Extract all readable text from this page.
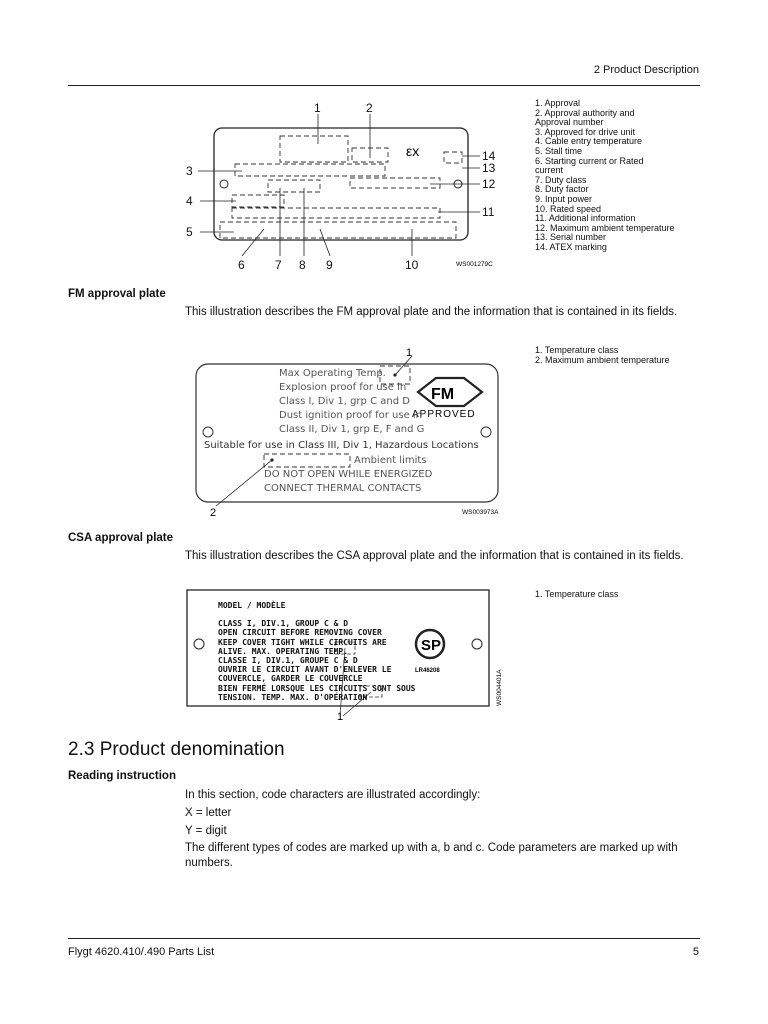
2 Product Description
εx
1	2
3
4
5
6	7 8 9	10
11
12
13
14
WS001279C
1. Approval
2. Approval authority and
Approval number
3. Approved for drive unit
4. Cable entry temperature
5. Stall time
6. Starting current or Rated
current
7. Duty class
8. Duty factor
9. Input power
10. Rated speed
11. Additional information
12. Maximum ambient temperature
13. Serial number
14. ATEX marking
FM approval plate
This illustration describes the FM approval plate and the information that is contained in its fields.
FM
APPROVED
1
2	WS003973A
Max Operating Temp.
Explosion proof for use in
Class I, Div 1, grp C and D
Dust ignition proof for use in
Class II, Div 1, grp E, F and G
Suitable for use in Class III, Div 1, Hazardous Locations
Ambient limits
DO NOT OPEN WHILE ENERGIZED
CONNECT THERMAL CONTACTS
1. Temperature class
2. Maximum ambient temperature
CSA approval plate
This illustration describes the CSA approval plate and the information that is contained in its fields.
SP
LR46208
1
WS004401A
MODEL / MODÈLE
CLASS I, DIV.1, GROUP C & D
OPEN CIRCUIT BEFORE REMOVING COVER
KEEP COVER TIGHT WHILE CIRCUITS ARE
ALIVE. MAX. OPERATING TEMP.
CLASSE I, DIV.1, GROUPE C & D
OUVRIR LE CIRCUIT AVANT D'ENLEVER LE
COUVERCLE, GARDER LE COUVERCLE
BIEN FERMÉ LORSQUE LES CIRCUITS SONT SOUS
TENSION. TEMP. MAX. D'OPÉRATION
1. Temperature class
2.3 Product denomination
Reading instruction
In this section, code characters are illustrated accordingly:
X = letter
Y = digit
The different types of codes are marked up with a, b and c. Code parameters are marked up with numbers.
Flygt 4620.410/.490 Parts List	5
